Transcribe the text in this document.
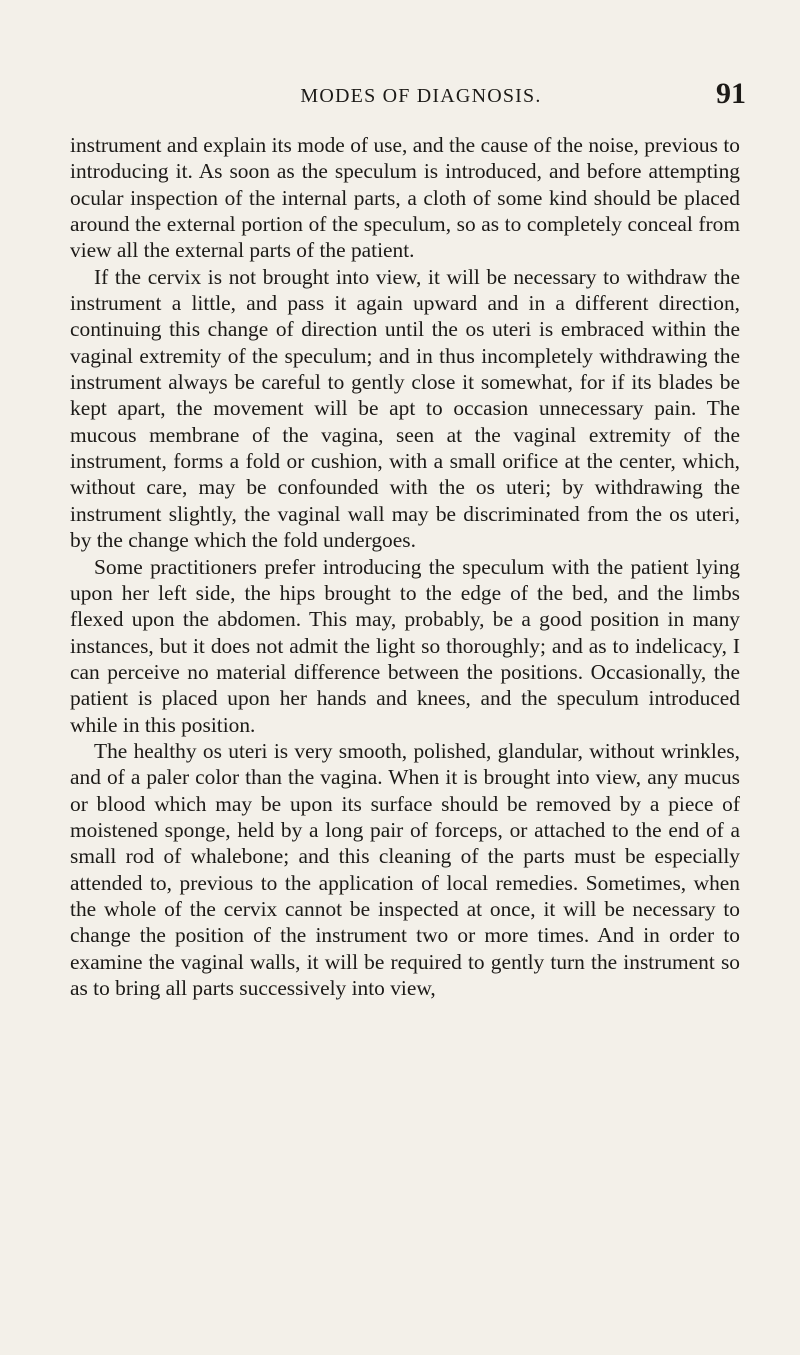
MODES OF DIAGNOSIS.	91

instrument and explain its mode of use, and the cause of the noise, previous to introducing it. As soon as the speculum is introduced, and before attempting ocular inspection of the internal parts, a cloth of some kind should be placed around the external portion of the speculum, so as to completely conceal from view all the external parts of the patient.

If the cervix is not brought into view, it will be necessary to withdraw the instrument a little, and pass it again upward and in a different direction, continuing this change of direction until the os uteri is embraced within the vaginal extremity of the speculum; and in thus incompletely withdrawing the instrument always be careful to gently close it somewhat, for if its blades be kept apart, the movement will be apt to occasion unnecessary pain. The mucous membrane of the vagina, seen at the vaginal extremity of the instrument, forms a fold or cushion, with a small orifice at the center, which, without care, may be confounded with the os uteri; by withdrawing the instrument slightly, the vaginal wall may be discriminated from the os uteri, by the change which the fold undergoes.

Some practitioners prefer introducing the speculum with the patient lying upon her left side, the hips brought to the edge of the bed, and the limbs flexed upon the abdomen. This may, probably, be a good position in many instances, but it does not admit the light so thoroughly; and as to indelicacy, I can perceive no material difference between the positions. Occasionally, the patient is placed upon her hands and knees, and the speculum introduced while in this position.

The healthy os uteri is very smooth, polished, glandular, without wrinkles, and of a paler color than the vagina. When it is brought into view, any mucus or blood which may be upon its surface should be removed by a piece of moistened sponge, held by a long pair of forceps, or attached to the end of a small rod of whalebone; and this cleaning of the parts must be especially attended to, previous to the application of local remedies. Sometimes, when the whole of the cervix cannot be inspected at once, it will be necessary to change the position of the instrument two or more times. And in order to examine the vaginal walls, it will be required to gently turn the instrument so as to bring all parts successively into view,
